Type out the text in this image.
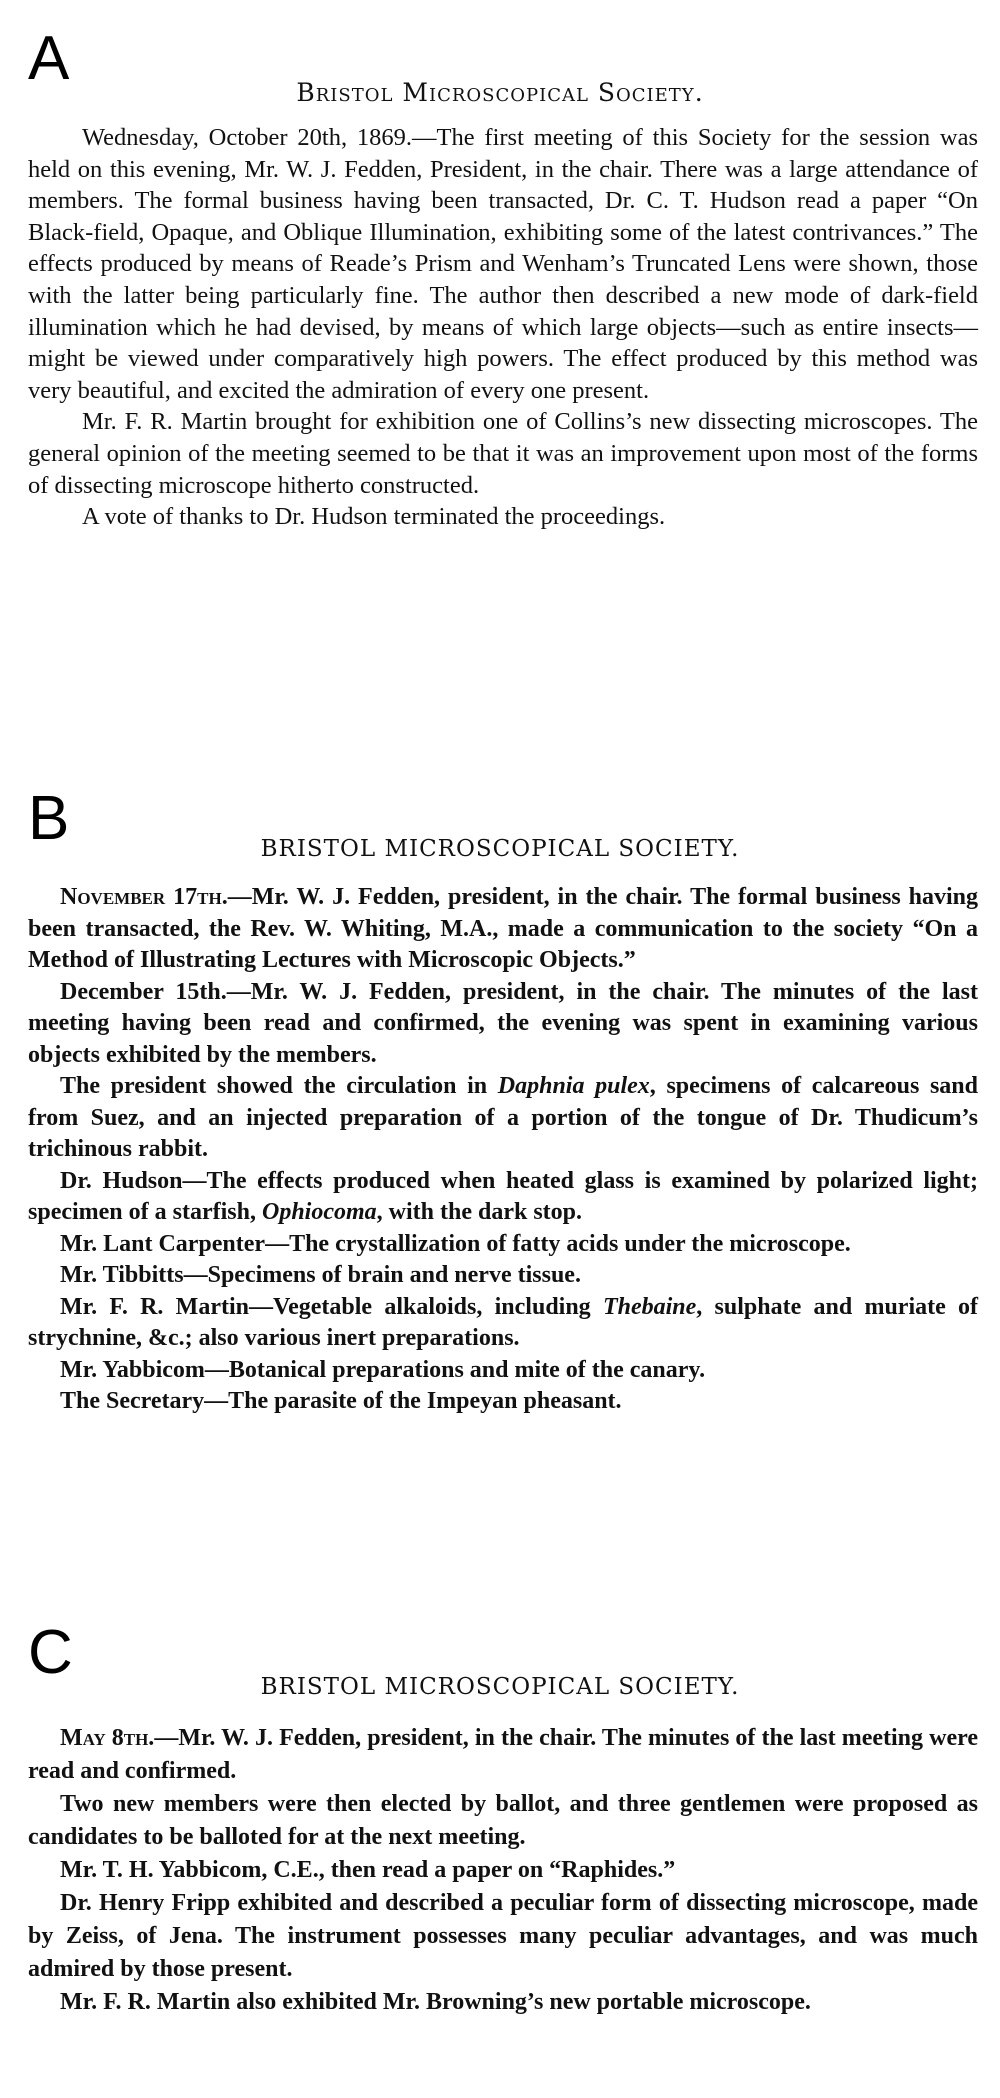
A	Bristol Microscopical Society.

Wednesday, October 20th, 1869.—The first meeting of this Society for the session was held on this evening, Mr. W. J. Fedden, President, in the chair. There was a large attendance of members. The formal business having been transacted, Dr. C. T. Hudson read a paper “On Black-field, Opaque, and Oblique Illumination, exhibiting some of the latest contrivances.” The effects produced by means of Reade’s Prism and Wenham’s Truncated Lens were shown, those with the latter being particularly fine. The author then described a new mode of dark-field illumination which he had devised, by means of which large objects—such as entire insects—might be viewed under comparatively high powers. The effect produced by this method was very beautiful, and excited the admiration of every one present.

Mr. F. R. Martin brought for exhibition one of Collins’s new dissecting microscopes. The general opinion of the meeting seemed to be that it was an improvement upon most of the forms of dissecting microscope hitherto constructed.

A vote of thanks to Dr. Hudson terminated the proceedings.

B	BRISTOL MICROSCOPICAL SOCIETY.

November 17th.—Mr. W. J. Fedden, president, in the chair. The formal business having been transacted, the Rev. W. Whiting, M.A., made a communication to the society “On a Method of Illustrating Lectures with Microscopic Objects.”

December 15th.—Mr. W. J. Fedden, president, in the chair. The minutes of the last meeting having been read and confirmed, the evening was spent in examining various objects exhibited by the members.

The president showed the circulation in Daphnia pulex, specimens of calcareous sand from Suez, and an injected preparation of a portion of the tongue of Dr. Thudicum’s trichinous rabbit.

Dr. Hudson—The effects produced when heated glass is examined by polarized light; specimen of a starfish, Ophiocoma, with the dark stop.

Mr. Lant Carpenter—The crystallization of fatty acids under the microscope.

Mr. Tibbitts—Specimens of brain and nerve tissue.

Mr. F. R. Martin—Vegetable alkaloids, including Thebaine, sulphate and muriate of strychnine, &c.; also various inert preparations.

Mr. Yabbicom—Botanical preparations and mite of the canary.

The Secretary—The parasite of the Impeyan pheasant.

C	BRISTOL MICROSCOPICAL SOCIETY.

May 8th.—Mr. W. J. Fedden, president, in the chair. The minutes of the last meeting were read and confirmed.

Two new members were then elected by ballot, and three gentlemen were proposed as candidates to be balloted for at the next meeting.

Mr. T. H. Yabbicom, C.E., then read a paper on “Raphides.”

Dr. Henry Fripp exhibited and described a peculiar form of dissecting microscope, made by Zeiss, of Jena. The instrument possesses many peculiar advantages, and was much admired by those present.

Mr. F. R. Martin also exhibited Mr. Browning’s new portable microscope.
